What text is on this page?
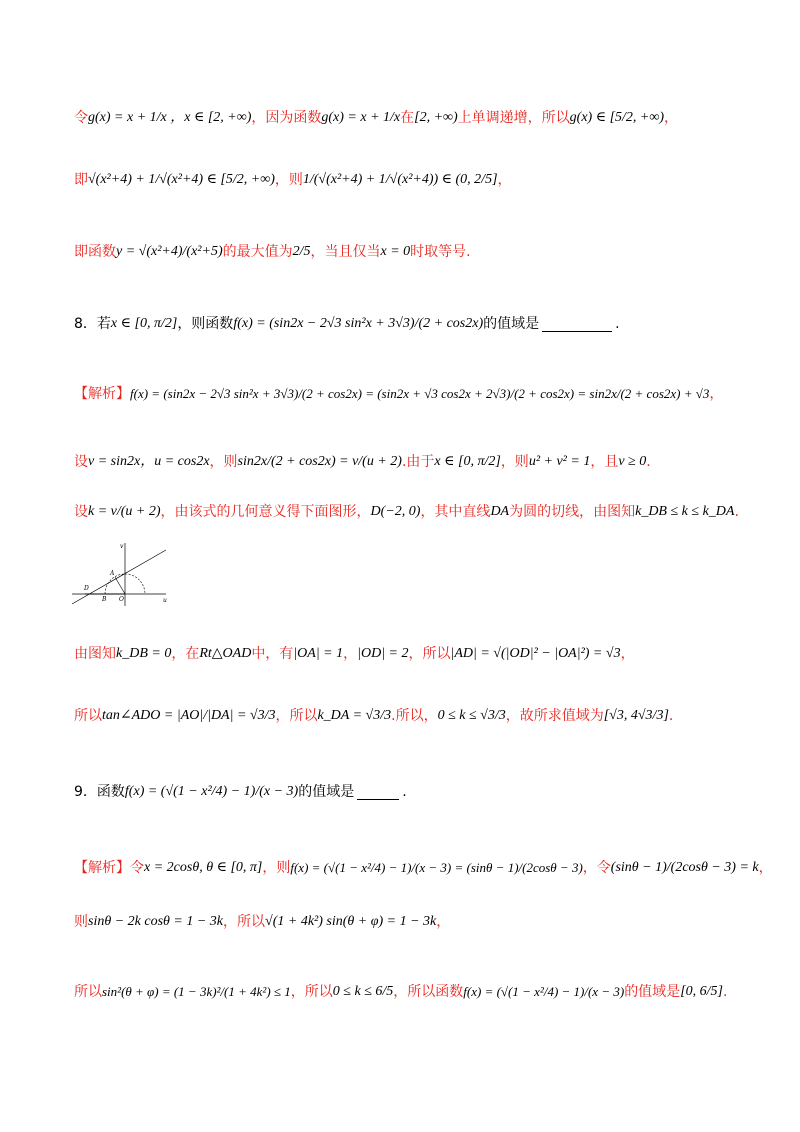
令 g(x) = x + 1/x ，x ∈ [2, +∞) ，因为函数 g(x) = x + 1/x 在 [2, +∞) 上单调递增，所以 g(x) ∈ [5/2, +∞) ，
即 √(x²+4) + 1/√(x²+4) ∈ [5/2, +∞) ，则 1/(√(x²+4) + 1/√(x²+4)) ∈ (0, 2/5] ，
即函数 y = √(x²+4)/(x²+5) 的最大值为 2/5 ，当且仅当 x = 0 时取等号.
8．若 x ∈ [0, π/2] ，则函数 f(x) = (sin2x − 2√3 sin²x + 3√3)/(2 + cos2x) 的值域是	.
【解析】 f(x) = (sin2x − 2√3 sin²x + 3√3)/(2 + cos2x) = (sin2x + √3 cos2x + 2√3)/(2 + cos2x) = sin2x/(2 + cos2x) + √3 ，
设 v = sin2x，u = cos2x ，则 sin2x/(2 + cos2x) = v/(u + 2) .由于 x ∈ [0, π/2] ，则 u² + v² = 1 ，且 v ≥ 0 .
设 k = v/(u + 2) ，由该式的几何意义得下面图形， D(−2, 0) ，其中直线 DA 为圆的切线，由图知 k_DB ≤ k ≤ k_DA .
v
u
D
A
B O
由图知 k_DB = 0 ，在 Rt△OAD 中，有 |OA| = 1 ， |OD| = 2 ，所以 |AD| = √(|OD|² − |OA|²) = √3 ，
所以 tan∠ADO = |AO|/|DA| = √3/3 ，所以 k_DA = √3/3 .所以， 0 ≤ k ≤ √3/3 ，故所求值域为 [√3, 4√3/3] .
9．函数 f(x) = (√(1 − x²/4) − 1)/(x − 3) 的值域是	.
【解析】 令 x = 2cosθ, θ ∈ [0, π] ，则 f(x) = (√(1 − x²/4) − 1)/(x − 3) = (sinθ − 1)/(2cosθ − 3) ，令 (sinθ − 1)/(2cosθ − 3) = k ，
则 sinθ − 2k cosθ = 1 − 3k ，所以 √(1 + 4k²) sin(θ + φ) = 1 − 3k ，
所以 sin²(θ + φ) = (1 − 3k)²/(1 + 4k²) ≤ 1 ，所以 0 ≤ k ≤ 6/5 ，所以函数 f(x) = (√(1 − x²/4) − 1)/(x − 3) 的值域是 [0, 6/5] .
